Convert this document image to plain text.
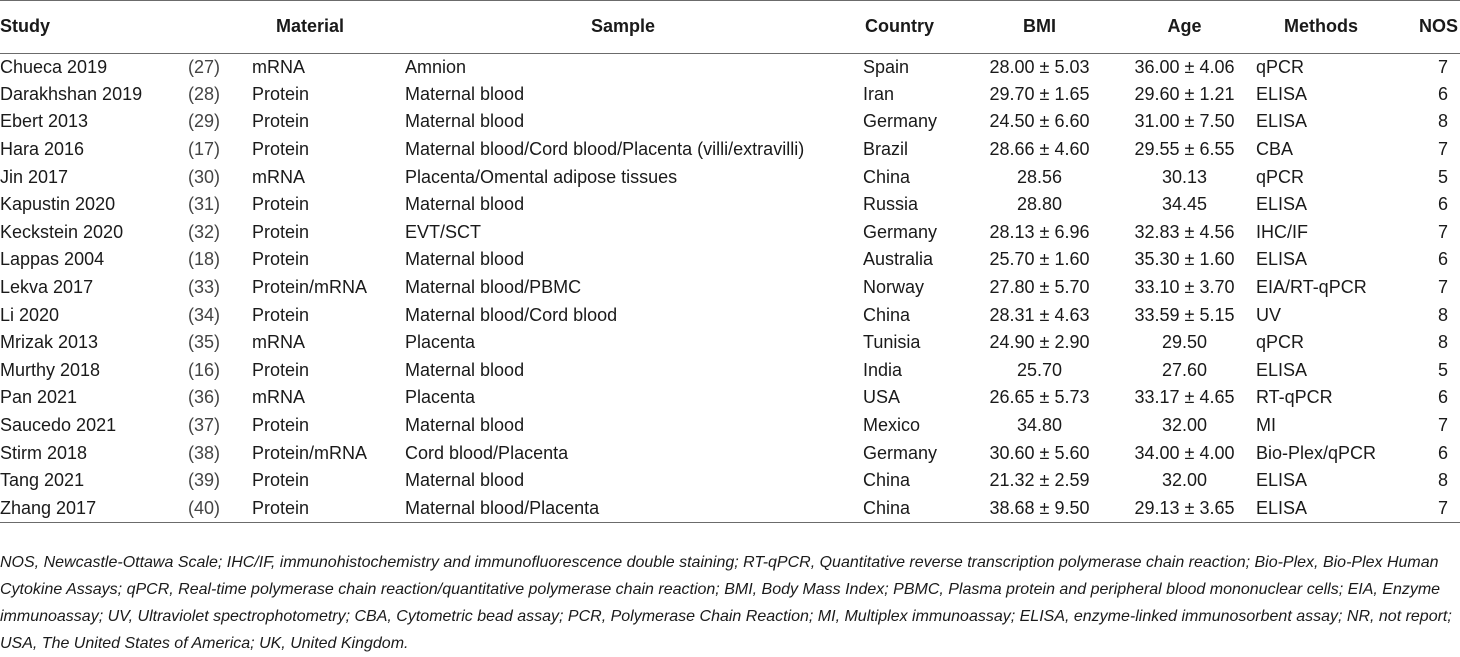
Study		Material	Sample	Country	BMI	Age	Methods	NOS

Chueca 2019	(27)	mRNA	Amnion	Spain	28.00 ± 5.03	36.00 ± 4.06	qPCR	7
Darakhshan 2019	(28)	Protein	Maternal blood	Iran	29.70 ± 1.65	29.60 ± 1.21	ELISA	6
Ebert 2013	(29)	Protein	Maternal blood	Germany	24.50 ± 6.60	31.00 ± 7.50	ELISA	8
Hara 2016	(17)	Protein	Maternal blood/Cord blood/Placenta (villi/extravilli)	Brazil	28.66 ± 4.60	29.55 ± 6.55	CBA	7
Jin 2017	(30)	mRNA	Placenta/Omental adipose tissues	China	28.56	30.13	qPCR	5
Kapustin 2020	(31)	Protein	Maternal blood	Russia	28.80	34.45	ELISA	6
Keckstein 2020	(32)	Protein	EVT/SCT	Germany	28.13 ± 6.96	32.83 ± 4.56	IHC/IF	7
Lappas 2004	(18)	Protein	Maternal blood	Australia	25.70 ± 1.60	35.30 ± 1.60	ELISA	6
Lekva 2017	(33)	Protein/mRNA	Maternal blood/PBMC	Norway	27.80 ± 5.70	33.10 ± 3.70	EIA/RT-qPCR	7
Li 2020	(34)	Protein	Maternal blood/Cord blood	China	28.31 ± 4.63	33.59 ± 5.15	UV	8
Mrizak 2013	(35)	mRNA	Placenta	Tunisia	24.90 ± 2.90	29.50	qPCR	8
Murthy 2018	(16)	Protein	Maternal blood	India	25.70	27.60	ELISA	5
Pan 2021	(36)	mRNA	Placenta	USA	26.65 ± 5.73	33.17 ± 4.65	RT-qPCR	6
Saucedo 2021	(37)	Protein	Maternal blood	Mexico	34.80	32.00	MI	7
Stirm 2018	(38)	Protein/mRNA	Cord blood/Placenta	Germany	30.60 ± 5.60	34.00 ± 4.00	Bio-Plex/qPCR	6
Tang 2021	(39)	Protein	Maternal blood	China	21.32 ± 2.59	32.00	ELISA	8
Zhang 2017	(40)	Protein	Maternal blood/Placenta	China	38.68 ± 9.50	29.13 ± 3.65	ELISA	7
NOS, Newcastle-Ottawa Scale; IHC/IF, immunohistochemistry and immunofluorescence double staining; RT-qPCR, Quantitative reverse transcription polymerase chain reaction; Bio-Plex, Bio-Plex Human Cytokine Assays; qPCR, Real-time polymerase chain reaction/quantitative polymerase chain reaction; BMI, Body Mass Index; PBMC, Plasma protein and peripheral blood mononuclear cells; EIA, Enzyme immunoassay; UV, Ultraviolet spectrophotometry; CBA, Cytometric bead assay; PCR, Polymerase Chain Reaction; MI, Multiplex immunoassay; ELISA, enzyme-linked immunosorbent assay; NR, not report; USA, The United States of America; UK, United Kingdom.
